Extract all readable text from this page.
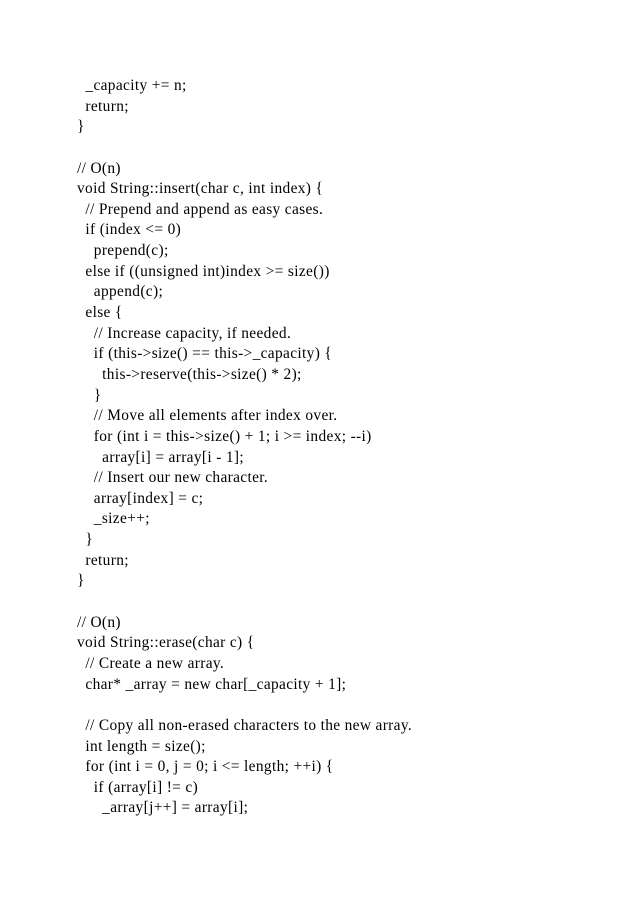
_capacity += n;
return;
}
// O(n)
void String::insert(char c, int index) {
// Prepend and append as easy cases.
if (index <= 0)
prepend(c);
else if ((unsigned int)index >= size())
append(c);
else {
// Increase capacity, if needed.
if (this->size() == this->_capacity) {
this->reserve(this->size() * 2);
}
// Move all elements after index over.
for (int i = this->size() + 1; i >= index; --i)
array[i] = array[i - 1];
// Insert our new character.
array[index] = c;
_size++;
}
return;
}
// O(n)
void String::erase(char c) {
// Create a new array.
char* _array = new char[_capacity + 1];
// Copy all non-erased characters to the new array.
int length = size();
for (int i = 0, j = 0; i <= length; ++i) {
if (array[i] != c)
_array[j++] = array[i];
